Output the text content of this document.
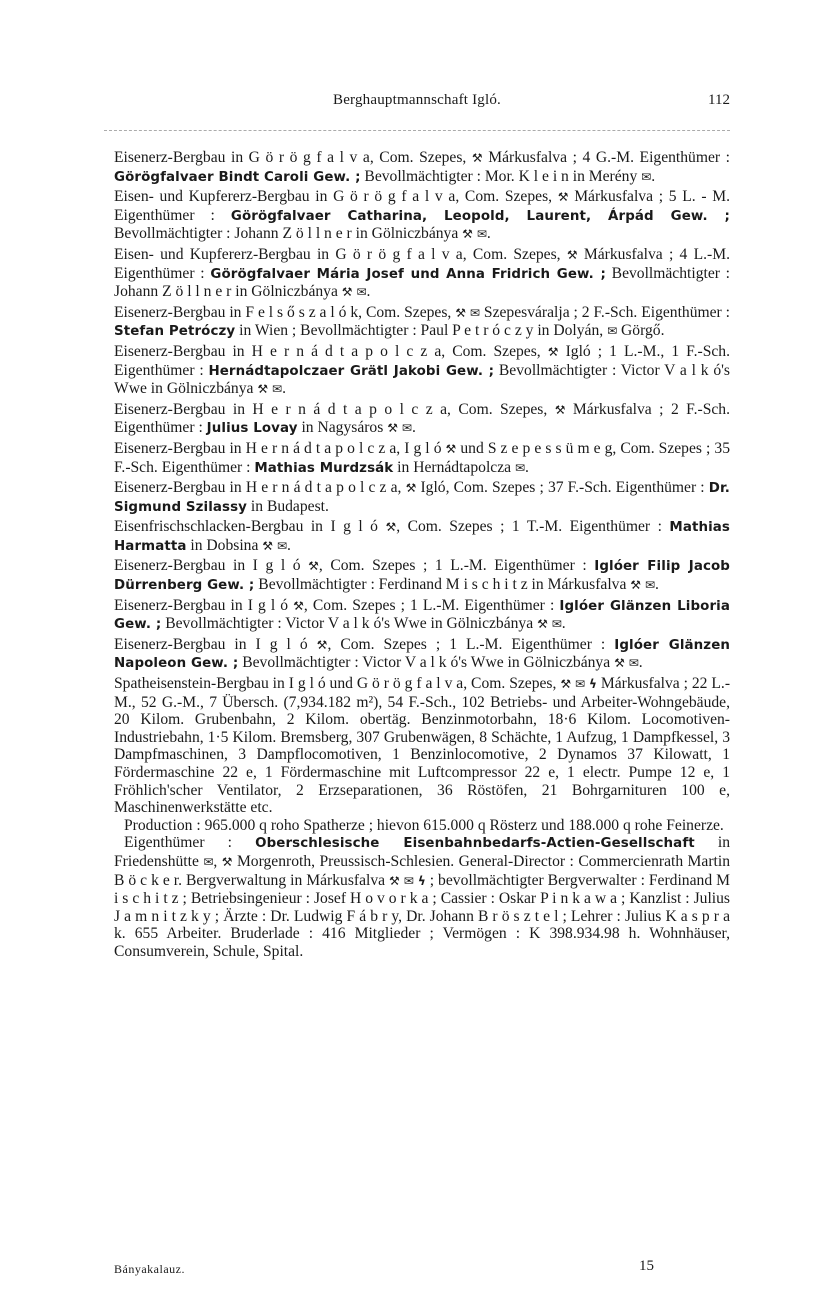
Berghauptmannschaft Igló.	112

Eisenerz-Bergbau in G ö r ö g f a l v a, Com. Szepes, ⚒ Márkusfalva ; 4 G.-M. Eigenthümer : Görögfalvaer Bindt Caroli Gew. ; Bevollmächtigter : Mor. K l e i n in Merény ✉.

Eisen- und Kupfererz-Bergbau in G ö r ö g f a l v a, Com. Szepes, ⚒ Márkusfalva ; 5 L. - M. Eigenthümer : Görögfalvaer Catharina, Leopold, Laurent, Árpád Gew. ; Bevollmächtigter : Johann Z ö l l n e r in Gölniczbánya ⚒ ✉.

Eisen- und Kupfererz-Bergbau in G ö r ö g f a l v a, Com. Szepes, ⚒ Márkusfalva ; 4 L.-M. Eigenthümer : Görögfalvaer Mária Josef und Anna Fridrich Gew. ; Bevollmächtigter : Johann Z ö l l n e r in Gölniczbánya ⚒ ✉.

Eisenerz-Bergbau in F e l s ő s z a l ó k, Com. Szepes, ⚒ ✉ Szepesváralja ; 2 F.-Sch. Eigenthümer : Stefan Petróczy in Wien ; Bevollmächtigter : Paul P e t r ó c z y in Dolyán, ✉ Görgő.

Eisenerz-Bergbau in H e r n á d t a p o l c z a, Com. Szepes, ⚒ Igló ; 1 L.-M., 1 F.-Sch. Eigenthümer : Hernádtapolczaer Grätl Jakobi Gew. ; Bevollmächtigter : Victor V a l k ó's Wwe in Gölniczbánya ⚒ ✉.

Eisenerz-Bergbau in H e r n á d t a p o l c z a, Com. Szepes, ⚒ Márkusfalva ; 2 F.-Sch. Eigenthümer : Julius Lovay in Nagysáros ⚒ ✉.

Eisenerz-Bergbau in H e r n á d t a p o l c z a, I g l ó ⚒ und S z e p e s s ü m e g, Com. Szepes ; 35 F.-Sch. Eigenthümer : Mathias Murdzsák in Hernádtapolcza ✉.

Eisenerz-Bergbau in H e r n á d t a p o l c z a, ⚒ Igló, Com. Szepes ; 37 F.-Sch. Eigenthümer : Dr. Sigmund Szilassy in Budapest.

Eisenfrischschlacken-Bergbau in I g l ó ⚒, Com. Szepes ; 1 T.-M. Eigenthümer : Mathias Harmatta in Dobsina ⚒ ✉.

Eisenerz-Bergbau in I g l ó ⚒, Com. Szepes ; 1 L.-M. Eigenthümer : Iglóer Filip Jacob Dürrenberg Gew. ; Bevollmächtigter : Ferdinand M i s c h i t z in Márkusfalva ⚒ ✉.

Eisenerz-Bergbau in I g l ó ⚒, Com. Szepes ; 1 L.-M. Eigenthümer : Iglóer Glänzen Liboria Gew. ; Bevollmächtigter : Victor V a l k ó's Wwe in Gölniczbánya ⚒ ✉.

Eisenerz-Bergbau in I g l ó ⚒, Com. Szepes ; 1 L.-M. Eigenthümer : Iglóer Glänzen Napoleon Gew. ; Bevollmächtigter : Victor V a l k ó's Wwe in Gölniczbánya ⚒ ✉.

Spatheisenstein-Bergbau in I g l ó und G ö r ö g f a l v a, Com. Szepes, ⚒ ✉ ϟ Márkusfalva ; 22 L.-M., 52 G.-M., 7 Übersch. (7,934.182 m²), 54 F.-Sch., 102 Betriebs- und Arbeiter-Wohngebäude, 20 Kilom. Grubenbahn, 2 Kilom. obertäg. Benzinmotorbahn, 18·6 Kilom. Locomotiven-Industriebahn, 1·5 Kilom. Bremsberg, 307 Grubenwägen, 8 Schächte, 1 Aufzug, 1 Dampfkessel, 3 Dampfmaschinen, 3 Dampflocomotiven, 1 Benzinlocomotive, 2 Dynamos 37 Kilowatt, 1 Fördermaschine 22 e, 1 Fördermaschine mit Luftcompressor 22 e, 1 electr. Pumpe 12 e, 1 Fröhlich'scher Ventilator, 2 Erzseparationen, 36 Röstöfen, 21 Bohrgarnituren 100 e, Maschinenwerkstätte etc.

Production : 965.000 q roho Spatherze ; hievon 615.000 q Rösterz und 188.000 q rohe Feinerze.

Eigenthümer : Oberschlesische Eisenbahnbedarfs-Actien-Gesellschaft in Friedenshütte ✉, ⚒ Morgenroth, Preussisch-Schlesien. General-Director : Commercienrath Martin B ö c k e r. Bergverwaltung in Márkusfalva ⚒ ✉ ϟ ; bevollmächtigter Bergverwalter : Ferdinand M i s c h i t z ; Betriebsingenieur : Josef H o v o r k a ; Cassier : Oskar P i n k a w a ; Kanzlist : Julius J a m n i t z k y ; Ärzte : Dr. Ludwig F á b r y, Dr. Johann B r ö s z t e l ; Lehrer : Julius K a s p r a k. 655 Arbeiter. Bruderlade : 416 Mitglieder ; Vermögen : K 398.934.98 h. Wohnhäuser, Consumverein, Schule, Spital.

Bányakalauz.	15
